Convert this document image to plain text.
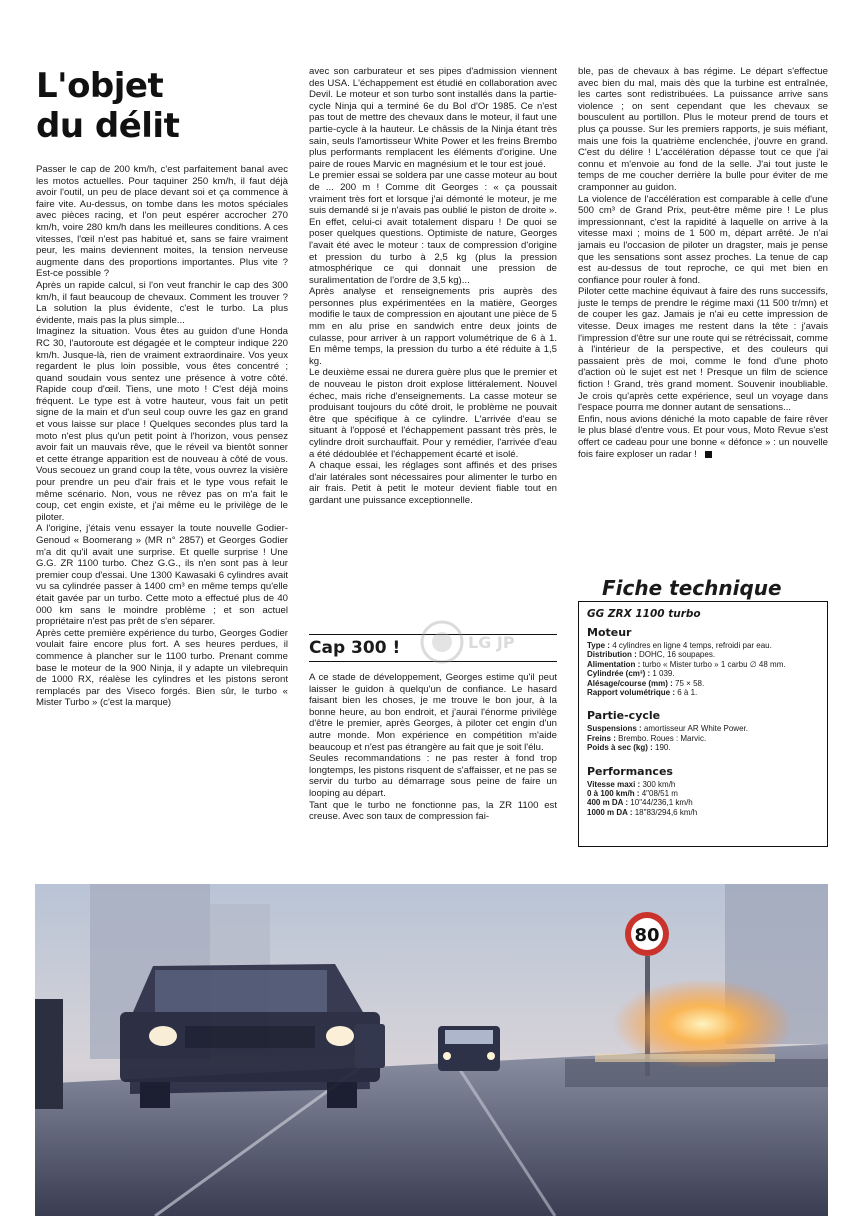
L'objet
du délit

Passer le cap de 200 km/h, c'est parfaitement banal avec les motos actuelles. Pour taquiner 250 km/h, il faut déjà avoir l'outil, un peu de place devant soi et ça commence à faire vite. Au-dessus, on tombe dans les motos spéciales avec pièces racing, et l'on peut espérer accrocher 270 km/h, voire 280 km/h dans les meilleures conditions. A ces vitesses, l'œil n'est pas habitué et, sans se faire vraiment peur, les mains deviennent moites, la tension nerveuse augmente dans des proportions importantes. Plus vite ? Est-ce possible ?

Après un rapide calcul, si l'on veut franchir le cap des 300 km/h, il faut beaucoup de chevaux. Comment les trouver ? La solution la plus évidente, c'est le turbo. La plus évidente, mais pas la plus simple...

Imaginez la situation. Vous êtes au guidon d'une Honda RC 30, l'autoroute est dégagée et le compteur indique 220 km/h. Jusque-là, rien de vraiment extraordinaire. Vos yeux regardent le plus loin possible, vous êtes concentré ; quand soudain vous sentez une présence à votre côté. Rapide coup d'œil. Tiens, une moto ! C'est déjà moins fréquent. Le type est à votre hauteur, vous fait un petit signe de la main et d'un seul coup ouvre les gaz en grand et vous laisse sur place ! Quelques secondes plus tard la moto n'est plus qu'un petit point à l'horizon, vous pensez avoir fait un mauvais rêve, que le réveil va bientôt sonner et cette étrange apparition est de nouveau à côté de vous. Vous secouez un grand coup la tête, vous ouvrez la visière pour prendre un peu d'air frais et le type vous refait le même scénario. Non, vous ne rêvez pas on m'a fait le coup, cet engin existe, et j'ai même eu le privilège de le piloter.

A l'origine, j'étais venu essayer la toute nouvelle Godier-Genoud « Boomerang » (MR n° 2857) et Georges Godier m'a dit qu'il avait une surprise. Et quelle surprise ! Une G.G. ZR 1100 turbo. Chez G.G., ils n'en sont pas à leur premier coup d'essai. Une 1300 Kawasaki 6 cylindres avait vu sa cylindrée passer à 1400 cm³ en même temps qu'elle était gavée par un turbo. Cette moto a effectué plus de 40 000 km sans le moindre problème ; et son actuel propriétaire n'est pas prêt de s'en séparer.

Après cette première expérience du turbo, Georges Godier voulait faire encore plus fort. A ses heures perdues, il commence à plancher sur le 1100 turbo. Prenant comme base le moteur de la 900 Ninja, il y adapte un vilebrequin de 1000 RX, réalèse les cylindres et les pistons seront remplacés par des Viseco forgés. Bien sûr, le turbo « Mister Turbo » (c'est la marque)

avec son carburateur et ses pipes d'admission viennent des USA. L'échappement est étudié en collaboration avec Devil. Le moteur et son turbo sont installés dans la partie-cycle Ninja qui a terminé 6e du Bol d'Or 1985. Ce n'est pas tout de mettre des chevaux dans le moteur, il faut une partie-cycle à la hauteur. Le châssis de la Ninja étant très sain, seuls l'amortisseur White Power et les freins Brembo plus performants remplacent les éléments d'origine. Une paire de roues Marvic en magnésium et le tour est joué.

Le premier essai se soldera par une casse moteur au bout de ... 200 m ! Comme dit Georges : « ça poussait vraiment très fort et lorsque j'ai démonté le moteur, je me suis demandé si je n'avais pas oublié le piston de droite ». En effet, celui-ci avait totalement disparu ! De quoi se poser quelques questions. Optimiste de nature, Georges l'avait été avec le moteur : taux de compression d'origine et pression du turbo à 2,5 kg (plus la pression atmosphérique ce qui donnait une pression de suralimentation de l'ordre de 3,5 kg)...

Après analyse et renseignements pris auprès des personnes plus expérimentées en la matière, Georges modifie le taux de compression en ajoutant une pièce de 5 mm en alu prise en sandwich entre deux joints de culasse, pour arriver à un rapport volumétrique de 6 à 1. En même temps, la pression du turbo a été réduite à 1,5 kg.

Le deuxième essai ne durera guère plus que le premier et de nouveau le piston droit explose littéralement. Nouvel échec, mais riche d'enseignements. La casse moteur se produisant toujours du côté droit, le problème ne pouvait être que spécifique à ce cylindre. L'arrivée d'eau se situant à l'opposé et l'échappement passant très près, le cylindre droit surchauffait. Pour y remédier, l'arrivée d'eau a été dédoublée et l'échappement écarté et isolé.

A chaque essai, les réglages sont affinés et des prises d'air latérales sont nécessaires pour alimenter le turbo en air frais. Petit à petit le moteur devient fiable tout en gardant une puissance exceptionnelle.

Cap 300 !	LG JP

A ce stade de développement, Georges estime qu'il peut laisser le guidon à quelqu'un de confiance. Le hasard faisant bien les choses, je me trouve le bon jour, à la bonne heure, au bon endroit, et j'aurai l'énorme privilège d'être le premier, après Georges, à piloter cet engin d'un autre monde. Mon expérience en compétition m'aide beaucoup et n'est pas étrangère au fait que je soit l'élu.

Seules recommandations : ne pas rester à fond trop longtemps, les pistons risquent de s'affaisser, et ne pas se servir du turbo au démarrage sous peine de faire un looping au départ.

Tant que le turbo ne fonctionne pas, la ZR 1100 est creuse. Avec son taux de compression fai-

ble, pas de chevaux à bas régime. Le départ s'effectue avec bien du mal, mais dès que la turbine est entraînée, les cartes sont redistribuées. La puissance arrive sans violence ; on sent cependant que les chevaux se bousculent au portillon. Plus le moteur prend de tours et plus ça pousse. Sur les premiers rapports, je suis méfiant, mais une fois la quatrième enclenchée, j'ouvre en grand. C'est du délire ! L'accélération dépasse tout ce que j'ai connu et m'envoie au fond de la selle. J'ai tout juste le temps de me coucher derrière la bulle pour éviter de me cramponner au guidon.

La violence de l'accélération est comparable à celle d'une 500 cm³ de Grand Prix, peut-être même pire ! Le plus impressionnant, c'est la rapidité à laquelle on arrive à la vitesse maxi ; moins de 1 500 m, départ arrêté. Je n'ai jamais eu l'occasion de piloter un dragster, mais je pense que les sensations sont assez proches. La tenue de cap est au-dessus de tout reproche, ce qui met bien en confiance pour rouler à fond.

Piloter cette machine équivaut à faire des runs successifs, juste le temps de prendre le régime maxi (11 500 tr/mn) et de couper les gaz. Jamais je n'ai eu cette impression de vitesse. Deux images me restent dans la tête : j'avais l'impression d'être sur une route qui se rétrécissait, comme à l'intérieur de la perspective, et des couleurs qui passaient près de moi, comme le fond d'une photo d'action où le sujet est net ! Presque un film de science fiction ! Grand, très grand moment. Souvenir inoubliable. Je crois qu'après cette expérience, seul un voyage dans l'espace pourra me donner autant de sensations...

Enfin, nous avions déniché la moto capable de faire rêver le plus blasé d'entre vous. Et pour vous, Moto Revue s'est offert ce cadeau pour une bonne « défonce » : un nouvelle fois faire exploser un radar !

Fiche technique
GG ZRX 1100 turbo
Moteur
Type : 4 cylindres en ligne 4 temps, refroidi par eau.
Distribution : DOHC, 16 soupapes.
Alimentation : turbo « Mister turbo » 1 carbu ∅ 48 mm.
Cylindrée (cm³) : 1 039.
Alésage/course (mm) : 75 × 58.
Rapport volumétrique : 6 à 1.
Partie-cycle
Suspensions : amortisseur AR White Power.
Freins : Brembo. Roues : Marvic.
Poids à sec (kg) : 190.
Performances
Vitesse maxi : 300 km/h
0 à 100 km/h : 4"08/51 m
400 m DA : 10"44/236,1 km/h
1000 m DA : 18"83/294,6 km/h
80
